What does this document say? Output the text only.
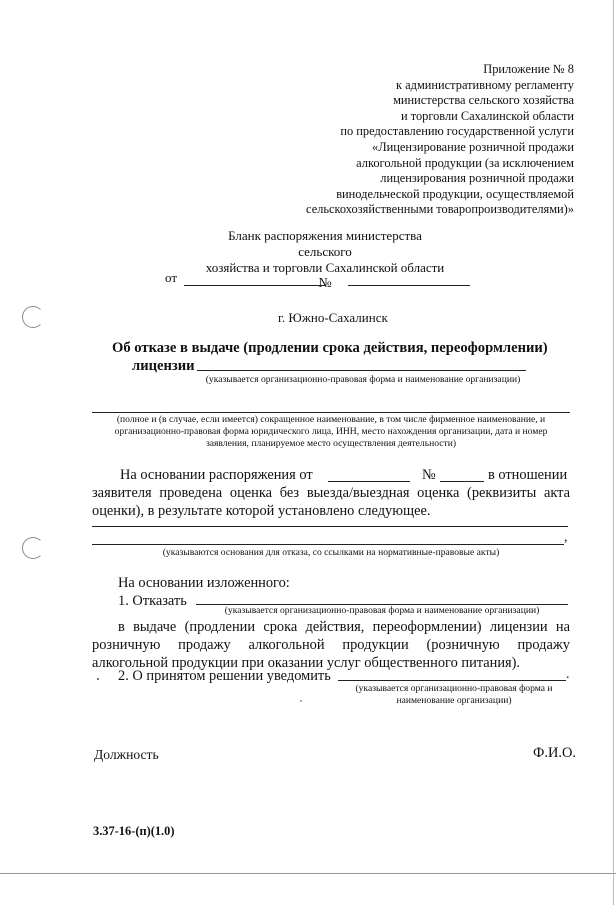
Приложение № 8
к административному регламенту
министерства сельского хозяйства
и торговли Сахалинской области
по предоставлению государственной услуги
«Лицензирование розничной продажи
алкогольной продукции (за исключением
лицензирования розничной продажи
винодельческой продукции, осуществляемой
сельскохозяйственными товаропроизводителями)»
Бланк распоряжения министерства сельского
хозяйства и торговли Сахалинской области
№
от
г. Южно-Сахалинск
Об отказе в выдаче (продлении срока действия, переоформлении)
лицензии
(указывается организационно-правовая форма и наименование организации)
(полное и (в случае, если имеется) сокращенное наименование, в том числе фирменное наименование, и
организационно-правовая форма юридического лица, ИНН, место нахождения организации, дата и номер
заявления, планируемое место осуществления деятельности)
На основании распоряжения от	№	в отношении
заявителя проведена оценка без выезда/выездная оценка (реквизиты акта
оценки), в результате которой установлено следующее.
,
(указываются основания для отказа, со ссылками на нормативные-правовые акты)
На основании изложенного:
1. Отказать
(указывается организационно-правовая форма и наименование организации)
в выдаче (продлении срока действия, переоформлении) лицензии на
розничную продажу алкогольной продукции (розничную продажу
алкогольной продукции при оказании услуг общественного питания).
2. О принятом решении уведомить	.
(указывается организационно-правовая форма и
наименование организации)
Должность	Ф.И.О.
3.37-16-(п)(1.0)
